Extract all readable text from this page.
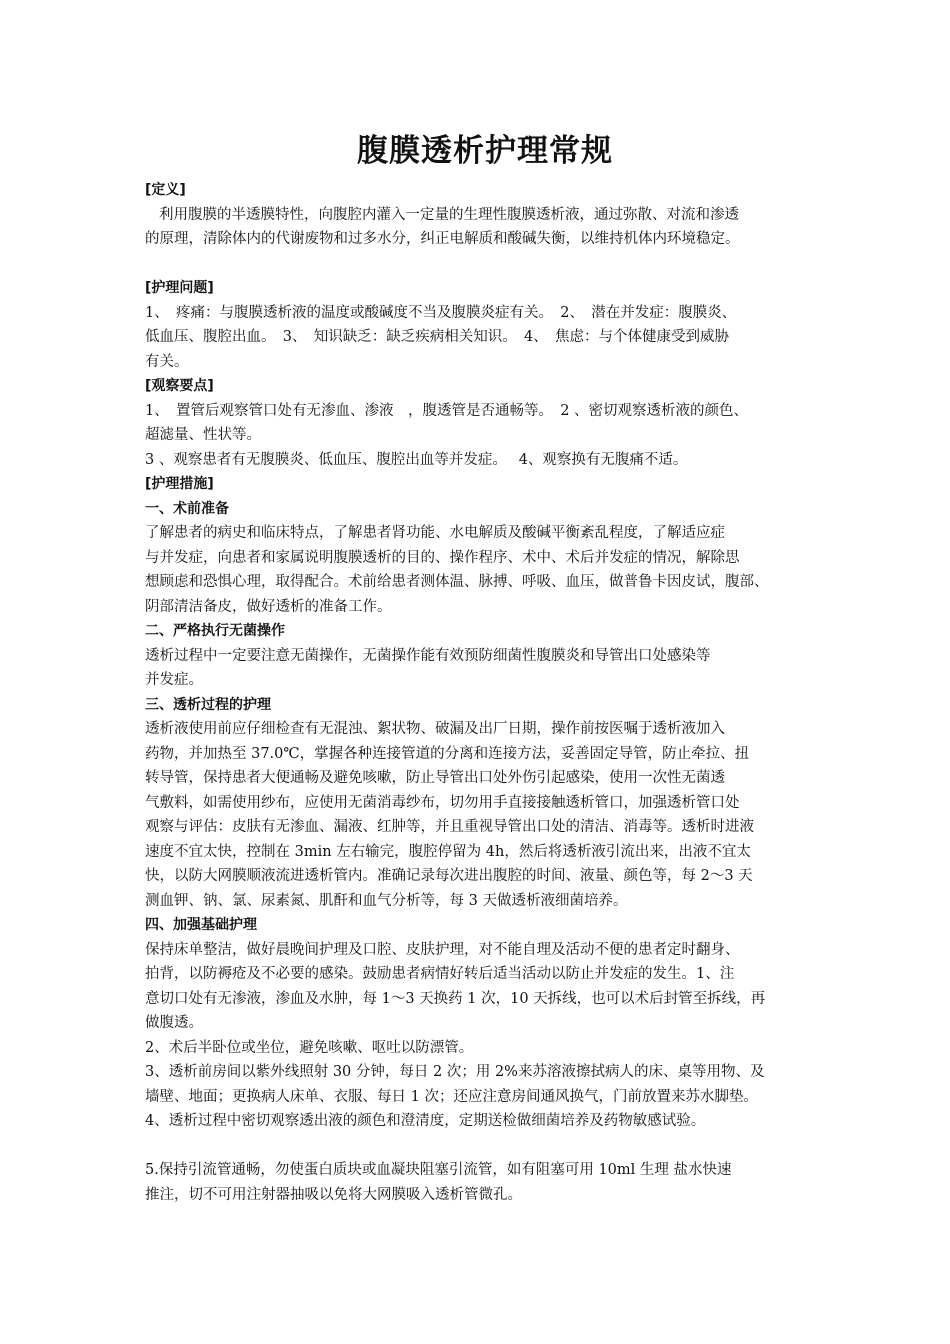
腹膜透析护理常规

[定义]

利用腹膜的半透膜特性，向腹腔内灌入一定量的生理性腹膜透析液，通过弥散、对流和渗透

的原理，清除体内的代谢废物和过多水分，纠正电解质和酸碱失衡，以维持机体内环境稳定。

[护理问题]

1、　疼痛：与腹膜透析液的温度或酸碱度不当及腹膜炎症有关。　2、　潜在并发症：腹膜炎、

低血压、腹腔出血。　3、　知识缺乏：缺乏疾病相关知识。　4、　焦虑：与个体健康受到威胁

有关。

[观察要点]

1、　置管后观察管口处有无渗血、渗液　，腹透管是否通畅等。　2 、密切观察透析液的颜色、

超滤量、性状等。

3 、观察患者有无腹膜炎、低血压、腹腔出血等并发症。　 4、观察换有无腹痛不适。

[护理措施]

一、术前准备

了解患者的病史和临床特点，了解患者肾功能、水电解质及酸碱平衡紊乱程度，了解适应症

与并发症，向患者和家属说明腹膜透析的目的、操作程序、术中、术后并发症的情况，解除思

想顾虑和恐惧心理，取得配合。术前给患者测体温、脉搏、呼吸、血压，做普鲁卡因皮试，腹部、

阴部清洁备皮，做好透析的准备工作。

二、严格执行无菌操作

透析过程中一定要注意无菌操作，无菌操作能有效预防细菌性腹膜炎和导管出口处感染等

并发症。

三、透析过程的护理

透析液使用前应仔细检查有无混浊、絮状物、破漏及出厂日期，操作前按医嘱于透析液加入

药物，并加热至 37.0℃，掌握各种连接管道的分离和连接方法，妥善固定导管，防止牵拉、扭

转导管，保持患者大便通畅及避免咳嗽，防止导管出口处外伤引起感染，使用一次性无菌透

气敷料，如需使用纱布，应使用无菌消毒纱布，切勿用手直接接触透析管口，加强透析管口处

观察与评估：皮肤有无渗血、漏液、红肿等，并且重视导管出口处的清洁、消毒等。透析时进液

速度不宜太快，控制在 3min 左右输完，腹腔停留为 4h，然后将透析液引流出来，出液不宜太

快，以防大网膜顺液流进透析管内。准确记录每次进出腹腔的时间、液量、颜色等，每 2～3 天

测血钾、钠、氯、尿素氮、肌酐和血气分析等，每 3 天做透析液细菌培养。

四、加强基础护理

保持床单整洁，做好晨晚间护理及口腔、皮肤护理，对不能自理及活动不便的患者定时翻身、

拍背，以防褥疮及不必要的感染。鼓励患者病情好转后适当活动以防止并发症的发生。1、注

意切口处有无渗液，渗血及水肿，每 1～3 天换药 1 次，10 天拆线，也可以术后封管至拆线，再

做腹透。

2、术后半卧位或坐位，避免咳嗽、呕吐以防漂管。

3、透析前房间以紫外线照射 30 分钟，每日 2 次；用 2%来苏溶液擦拭病人的床、桌等用物、及

墙壁、地面；更换病人床单、衣服、每日 1 次；还应注意房间通风换气，门前放置来苏水脚垫。

4、透析过程中密切观察透出液的颜色和澄清度，定期送检做细菌培养及药物敏感试验。

5.保持引流管通畅，勿使蛋白质块或血凝块阻塞引流管，如有阻塞可用 10ml 生理 盐水快速

推注，切不可用注射器抽吸以免将大网膜吸入透析管微孔。
